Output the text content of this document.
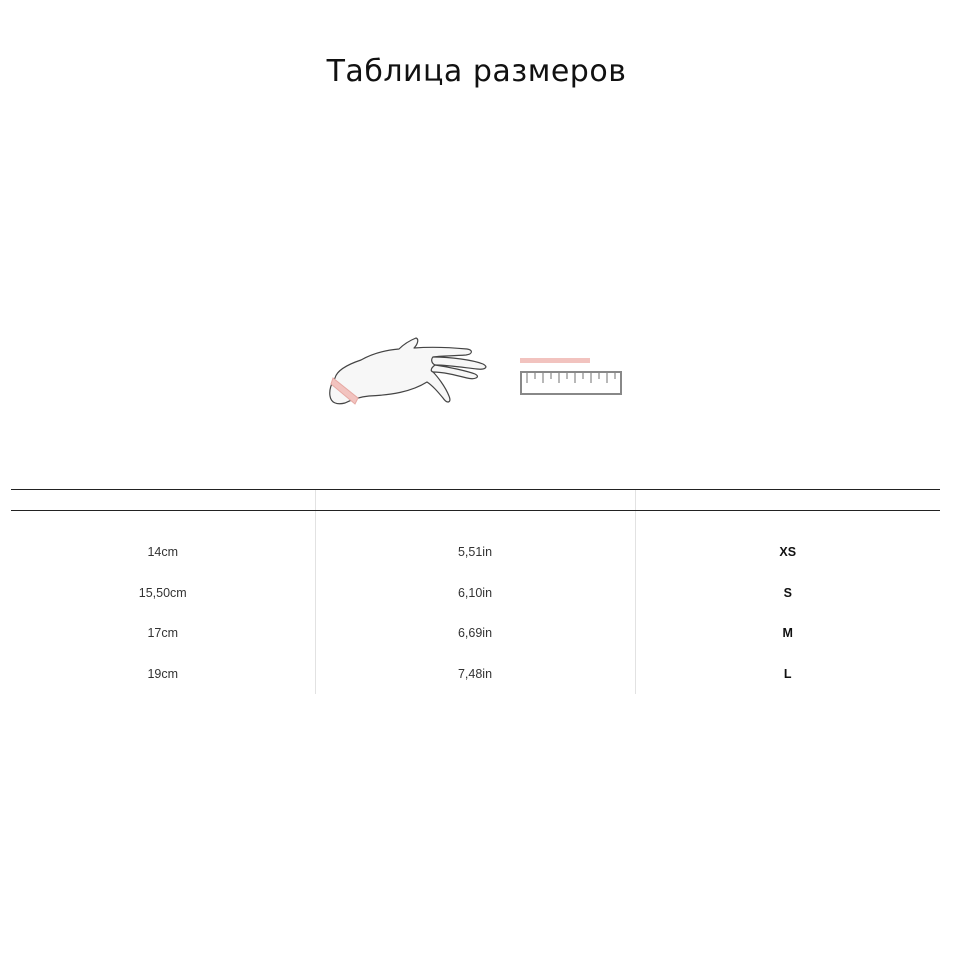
Таблица размеров

14cm	5,51in	XS
15,50cm	6,10in	S
17cm	6,69in	M
19cm	7,48in	L
